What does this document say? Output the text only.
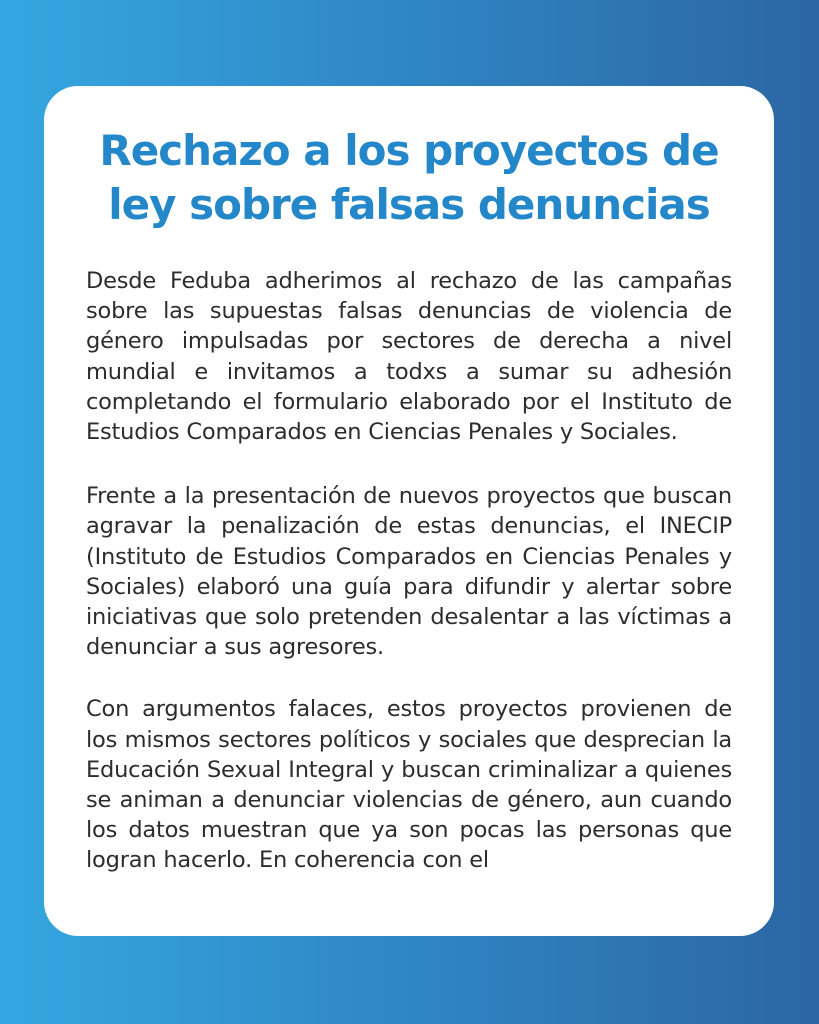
Rechazo a los proyectos de ley sobre falsas denuncias

Desde Feduba adherimos al rechazo de las campañas sobre las supuestas falsas denuncias de violencia de género impulsadas por sectores de derecha a nivel mundial e invitamos a todxs a sumar su adhesión completando el formulario elaborado por el Instituto de Estudios Comparados en Ciencias Penales y Sociales.

Frente a la presentación de nuevos proyectos que buscan agravar la penalización de estas denuncias, el INECIP (Instituto de Estudios Comparados en Ciencias Penales y Sociales) elaboró una guía para difundir y alertar sobre iniciativas que solo pretenden desalentar a las víctimas a denunciar a sus agresores.

Con argumentos falaces, estos proyectos provienen de los mismos sectores políticos y sociales que desprecian la Educación Sexual Integral y buscan criminalizar a quienes se animan a denunciar violencias de género, aun cuando los datos muestran que ya son pocas las personas que logran hacerlo. En coherencia con el
